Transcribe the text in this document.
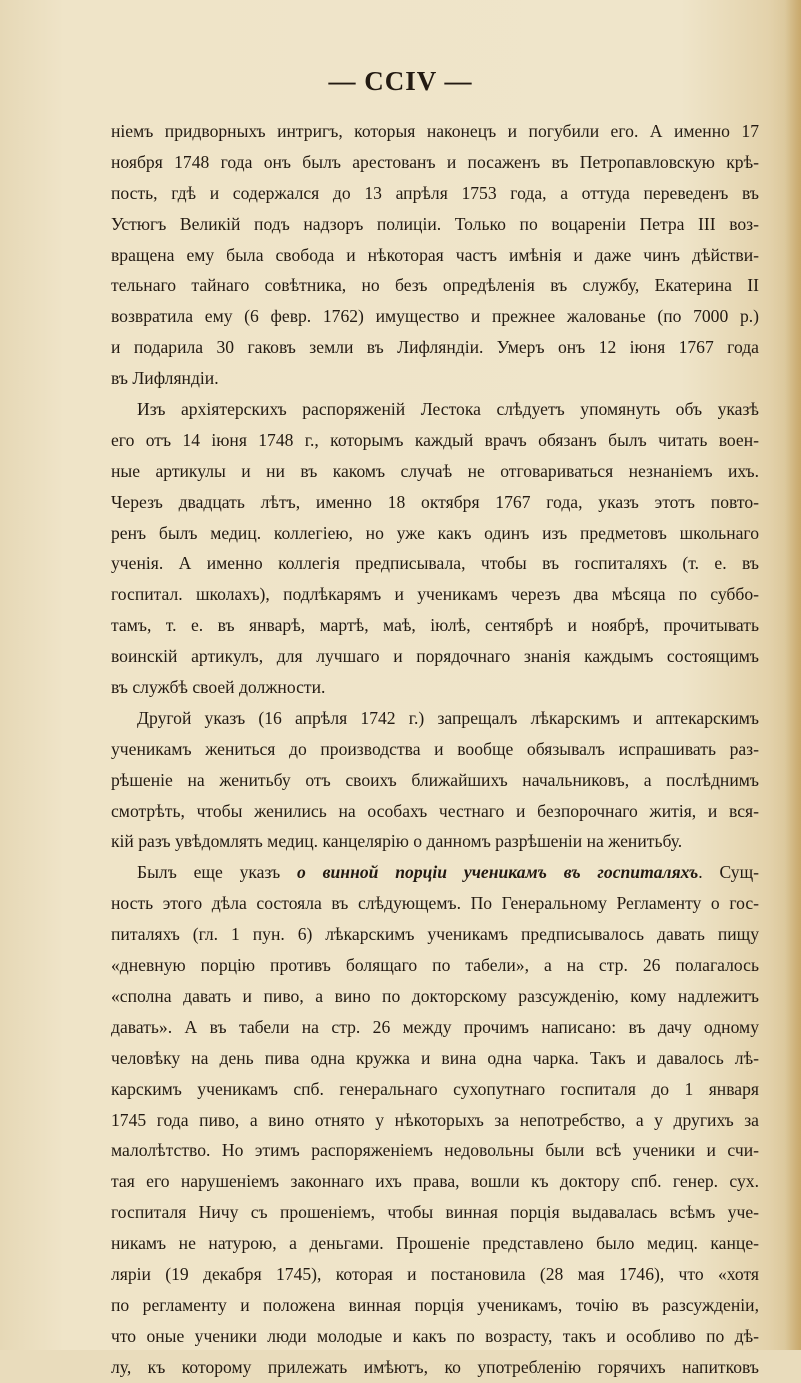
— CCIV —
ніемъ придворныхъ интригъ, которыя наконецъ и погубили его. А именно 17
ноября 1748 года онъ былъ арестованъ и посаженъ въ Петропавловскую крѣ-
пость, гдѣ и содержался до 13 апрѣля 1753 года, а оттуда переведенъ въ
Устюгъ Великій подъ надзоръ полиціи. Только по воцареніи Петра III воз-
вращена ему была свобода и нѣкоторая частъ имѣнія и даже чинъ дѣйстви-
тельнаго тайнаго совѣтника, но безъ опредѣленія въ службу, Екатерина II
возвратила ему (6 февр. 1762) имущество и прежнее жалованье (по 7000 р.)
и подарила 30 гаковъ земли въ Лифляндіи. Умеръ онъ 12 іюня 1767 года
въ Лифляндіи.
Изъ архіятерскихъ распоряженій Лестока слѣдуетъ упомянуть объ указѣ
его отъ 14 іюня 1748 г., которымъ каждый врачъ обязанъ былъ читать воен-
ные артикулы и ни въ какомъ случаѣ не отговариваться незнаніемъ ихъ.
Черезъ двадцать лѣтъ, именно 18 октября 1767 года, указъ этотъ повто-
ренъ былъ медиц. коллегіею, но уже какъ одинъ изъ предметовъ школьнаго
ученія. А именно коллегія предписывала, чтобы въ госпиталяхъ (т. е. въ
госпитал. школахъ), подлѣкарямъ и ученикамъ черезъ два мѣсяца по суббо-
тамъ, т. е. въ январѣ, мартѣ, маѣ, іюлѣ, сентябрѣ и ноябрѣ, прочитывать
воинскій артикулъ, для лучшаго и порядочнаго знанія каждымъ состоящимъ
въ службѣ своей должности.
Другой указъ (16 апрѣля 1742 г.) запрещалъ лѣкарскимъ и аптекарскимъ
ученикамъ жениться до производства и вообще обязывалъ испрашивать раз-
рѣшеніе на женитьбу отъ своихъ ближайшихъ начальниковъ, а послѣднимъ
смотрѣть, чтобы женились на особахъ честнаго и безпорочнаго житія, и вся-
кій разъ увѣдомлять медиц. канцелярію о данномъ разрѣшеніи на женитьбу.
Былъ еще указъ о винной порціи ученикамъ въ госпиталяхъ. Сущ-
ность этого дѣла состояла въ слѣдующемъ. По Генеральному Регламенту о гос-
питаляхъ (гл. 1 пун. 6) лѣкарскимъ ученикамъ предписывалось давать пищу
«дневную порцію противъ болящаго по табели», а на стр. 26 полагалось
«сполна давать и пиво, а вино по докторскому разсужденію, кому надлежитъ
давать». А въ табели на стр. 26 между прочимъ написано: въ дачу одному
человѣку на день пива одна кружка и вина одна чарка. Такъ и давалось лѣ-
карскимъ ученикамъ спб. генеральнаго сухопутнаго госпиталя до 1 января
1745 года пиво, а вино отнято у нѣкоторыхъ за непотребство, а у другихъ за
малолѣтство. Но этимъ распоряженіемъ недовольны были всѣ ученики и счи-
тая его нарушеніемъ законнаго ихъ права, вошли къ доктору спб. генер. сух.
госпиталя Ничу съ прошеніемъ, чтобы винная порція выдавалась всѣмъ уче-
никамъ не натурою, а деньгами. Прошеніе представлено было медиц. канце-
ляріи (19 декабря 1745), которая и постановила (28 мая 1746), что «хотя
по регламенту и положена винная порція ученикамъ, точію въ разсужденіи,
что оные ученики люди молодые и какъ по возрасту, такъ и особливо по дѣ-
лу, къ которому прилежать имѣютъ, ко употребленію горячихъ напитковъ
